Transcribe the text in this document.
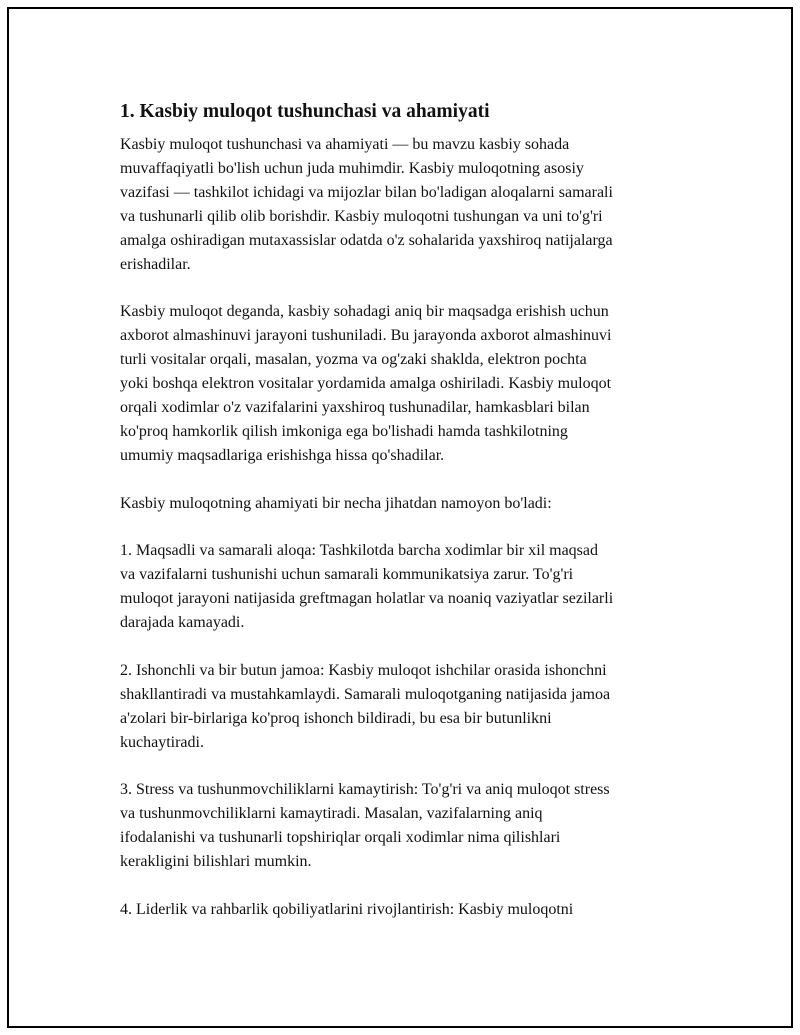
1. Kasbiy muloqot tushunchasi va ahamiyati

Kasbiy muloqot tushunchasi va ahamiyati — bu mavzu kasbiy sohada
muvaffaqiyatli bo'lish uchun juda muhimdir. Kasbiy muloqotning asosiy
vazifasi — tashkilot ichidagi va mijozlar bilan bo'ladigan aloqalarni samarali
va tushunarli qilib olib borishdir. Kasbiy muloqotni tushungan va uni to'g'ri
amalga oshiradigan mutaxassislar odatda o'z sohalarida yaxshiroq natijalarga
erishadilar.

Kasbiy muloqot deganda, kasbiy sohadagi aniq bir maqsadga erishish uchun
axborot almashinuvi jarayoni tushuniladi. Bu jarayonda axborot almashinuvi
turli vositalar orqali, masalan, yozma va og'zaki shaklda, elektron pochta
yoki boshqa elektron vositalar yordamida amalga oshiriladi. Kasbiy muloqot
orqali xodimlar o'z vazifalarini yaxshiroq tushunadilar, hamkasblari bilan
ko'proq hamkorlik qilish imkoniga ega bo'lishadi hamda tashkilotning
umumiy maqsadlariga erishishga hissa qo'shadilar.

Kasbiy muloqotning ahamiyati bir necha jihatdan namoyon bo'ladi:

1. Maqsadli va samarali aloqa: Tashkilotda barcha xodimlar bir xil maqsad
va vazifalarni tushunishi uchun samarali kommunikatsiya zarur. To'g'ri
muloqot jarayoni natijasida greftmagan holatlar va noaniq vaziyatlar sezilarli
darajada kamayadi.

2. Ishonchli va bir butun jamoa: Kasbiy muloqot ishchilar orasida ishonchni
shakllantiradi va mustahkamlaydi. Samarali muloqotganing natijasida jamoa
a'zolari bir-birlariga ko'proq ishonch bildiradi, bu esa bir butunlikni
kuchaytiradi.

3. Stress va tushunmovchiliklarni kamaytirish: To'g'ri va aniq muloqot stress
va tushunmovchiliklarni kamaytiradi. Masalan, vazifalarning aniq
ifodalanishi va tushunarli topshiriqlar orqali xodimlar nima qilishlari
kerakligini bilishlari mumkin.

4. Liderlik va rahbarlik qobiliyatlarini rivojlantirish: Kasbiy muloqotni
